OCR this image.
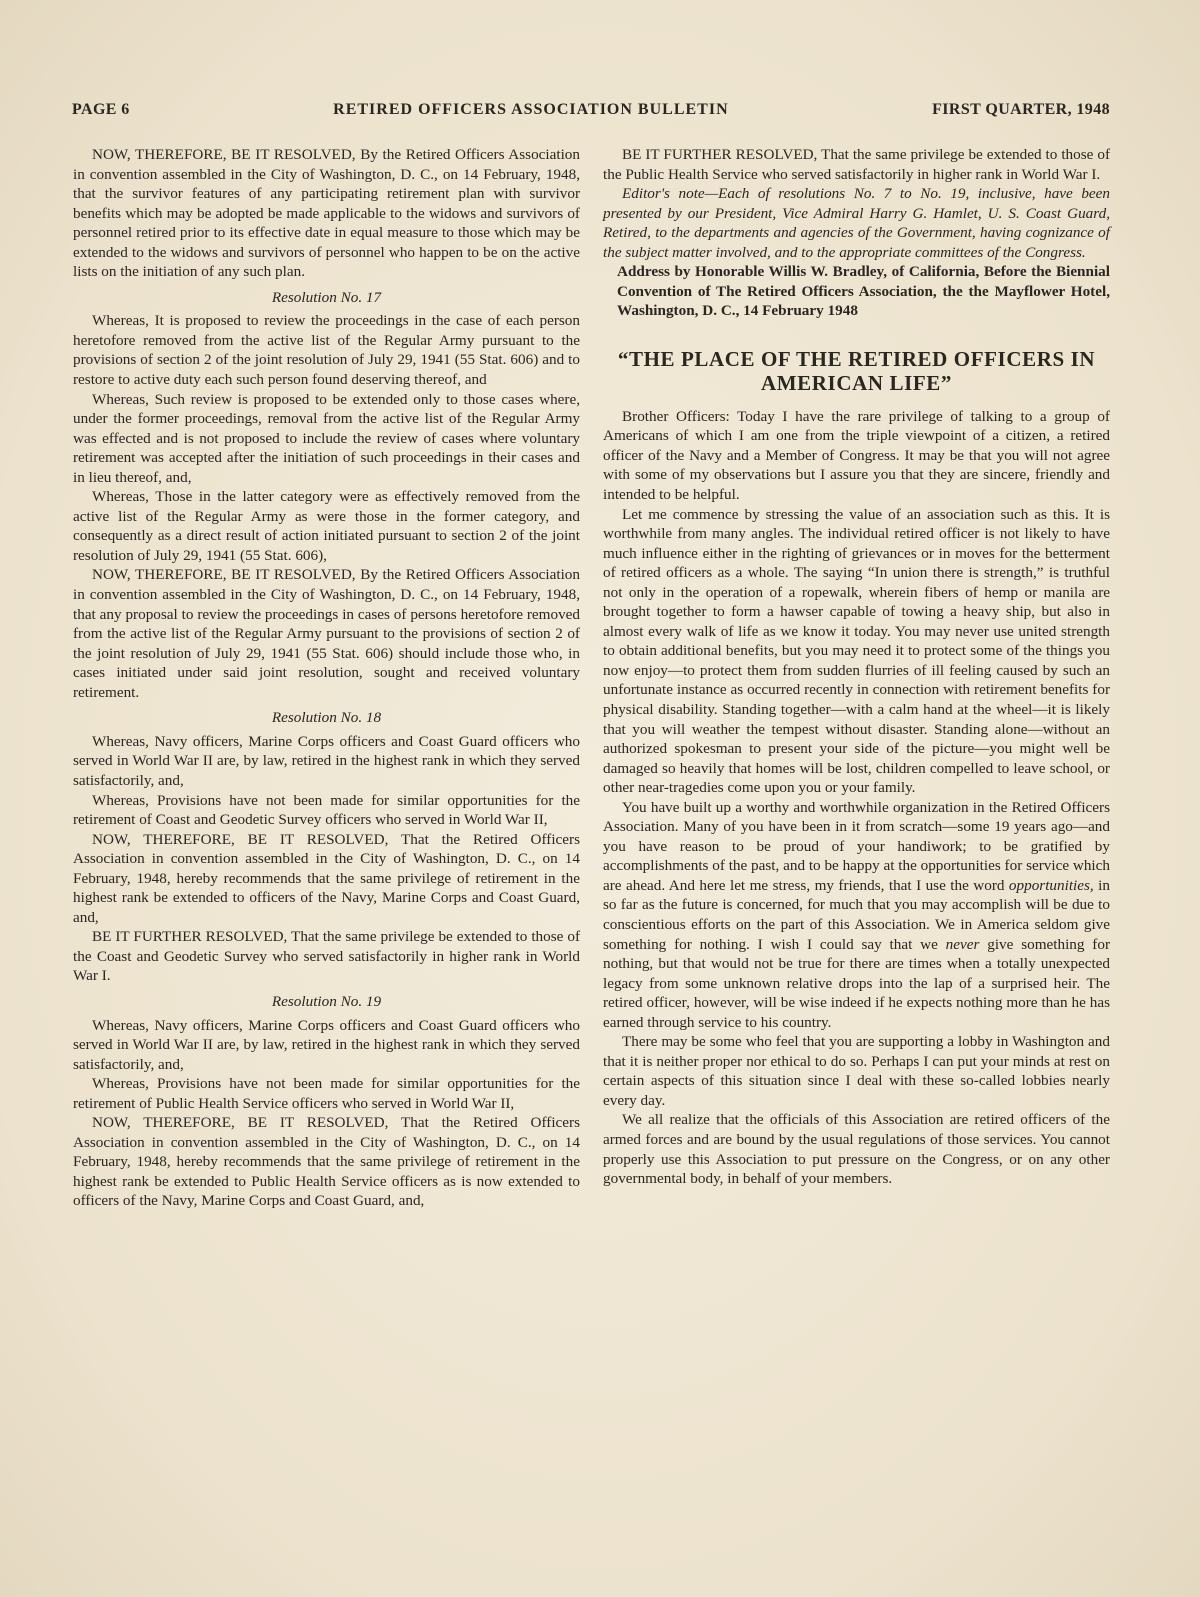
PAGE 6	RETIRED OFFICERS ASSOCIATION BULLETIN	FIRST QUARTER, 1948

NOW, THEREFORE, BE IT RESOLVED, By the Retired Officers Association in convention assembled in the City of Washington, D. C., on 14 February, 1948, that the survivor features of any participating retirement plan with survivor benefits which may be adopted be made applicable to the widows and survivors of personnel retired prior to its effective date in equal measure to those which may be extended to the widows and survivors of personnel who happen to be on the active lists on the initiation of any such plan.

Resolution No. 17

Whereas, It is proposed to review the proceedings in the case of each person heretofore removed from the active list of the Regular Army pursuant to the provisions of section 2 of the joint resolution of July 29, 1941 (55 Stat. 606) and to restore to active duty each such person found deserving thereof, and

Whereas, Such review is proposed to be extended only to those cases where, under the former proceedings, removal from the active list of the Regular Army was effected and is not proposed to include the review of cases where voluntary retirement was accepted after the initiation of such proceedings in their cases and in lieu thereof, and,

Whereas, Those in the latter category were as effectively removed from the active list of the Regular Army as were those in the former category, and consequently as a direct result of action initiated pursuant to section 2 of the joint resolution of July 29, 1941 (55 Stat. 606),

NOW, THEREFORE, BE IT RESOLVED, By the Retired Officers Association in convention assembled in the City of Washington, D. C., on 14 February, 1948, that any proposal to review the proceedings in cases of persons heretofore removed from the active list of the Regular Army pursuant to the provisions of section 2 of the joint resolution of July 29, 1941 (55 Stat. 606) should include those who, in cases initiated under said joint resolution, sought and received voluntary retirement.

Resolution No. 18

Whereas, Navy officers, Marine Corps officers and Coast Guard officers who served in World War II are, by law, retired in the highest rank in which they served satisfactorily, and,

Whereas, Provisions have not been made for similar opportunities for the retirement of Coast and Geodetic Survey officers who served in World War II,

NOW, THEREFORE, BE IT RESOLVED, That the Retired Officers Association in convention assembled in the City of Washington, D. C., on 14 February, 1948, hereby recommends that the same privilege of retirement in the highest rank be extended to officers of the Navy, Marine Corps and Coast Guard, and,

BE IT FURTHER RESOLVED, That the same privilege be extended to those of the Coast and Geodetic Survey who served satisfactorily in higher rank in World War I.

Resolution No. 19

Whereas, Navy officers, Marine Corps officers and Coast Guard officers who served in World War II are, by law, retired in the highest rank in which they served satisfactorily, and,

Whereas, Provisions have not been made for similar opportunities for the retirement of Public Health Service officers who served in World War II,

NOW, THEREFORE, BE IT RESOLVED, That the Retired Officers Association in convention assembled in the City of Washington, D. C., on 14 February, 1948, hereby recommends that the same privilege of retirement in the highest rank be extended to Public Health Service officers as is now extended to officers of the Navy, Marine Corps and Coast Guard, and,

BE IT FURTHER RESOLVED, That the same privilege be extended to those of the Public Health Service who served satisfactorily in higher rank in World War I.

Editor's note—Each of resolutions No. 7 to No. 19, inclusive, have been presented by our President, Vice Admiral Harry G. Hamlet, U. S. Coast Guard, Retired, to the departments and agencies of the Government, having cognizance of the subject matter involved, and to the appropriate committees of the Congress.

Address by Honorable Willis W. Bradley, of California, Before the Biennial Convention of The Retired Officers Association, the the Mayflower Hotel, Washington, D. C., 14 February 1948

“THE PLACE OF THE RETIRED OFFICERS IN AMERICAN LIFE”

Brother Officers: Today I have the rare privilege of talking to a group of Americans of which I am one from the triple viewpoint of a citizen, a retired officer of the Navy and a Member of Congress. It may be that you will not agree with some of my observations but I assure you that they are sincere, friendly and intended to be helpful.

Let me commence by stressing the value of an association such as this. It is worthwhile from many angles. The individual retired officer is not likely to have much influence either in the righting of grievances or in moves for the betterment of retired officers as a whole. The saying “In union there is strength,” is truthful not only in the operation of a ropewalk, wherein fibers of hemp or manila are brought together to form a hawser capable of towing a heavy ship, but also in almost every walk of life as we know it today. You may never use united strength to obtain additional benefits, but you may need it to protect some of the things you now enjoy—to protect them from sudden flurries of ill feeling caused by such an unfortunate instance as occurred recently in connection with retirement benefits for physical disability. Standing together—with a calm hand at the wheel—it is likely that you will weather the tempest without disaster. Standing alone—without an authorized spokesman to present your side of the picture—you might well be damaged so heavily that homes will be lost, children compelled to leave school, or other near-tragedies come upon you or your family.

You have built up a worthy and worthwhile organization in the Retired Officers Association. Many of you have been in it from scratch—some 19 years ago—and you have reason to be proud of your handiwork; to be gratified by accomplishments of the past, and to be happy at the opportunities for service which are ahead. And here let me stress, my friends, that I use the word opportunities, in so far as the future is concerned, for much that you may accomplish will be due to conscientious efforts on the part of this Association. We in America seldom give something for nothing. I wish I could say that we never give something for nothing, but that would not be true for there are times when a totally unexpected legacy from some unknown relative drops into the lap of a surprised heir. The retired officer, however, will be wise indeed if he expects nothing more than he has earned through service to his country.

There may be some who feel that you are supporting a lobby in Washington and that it is neither proper nor ethical to do so. Perhaps I can put your minds at rest on certain aspects of this situation since I deal with these so-called lobbies nearly every day.

We all realize that the officials of this Association are retired officers of the armed forces and are bound by the usual regulations of those services. You cannot properly use this Association to put pressure on the Congress, or on any other governmental body, in behalf of your members.
